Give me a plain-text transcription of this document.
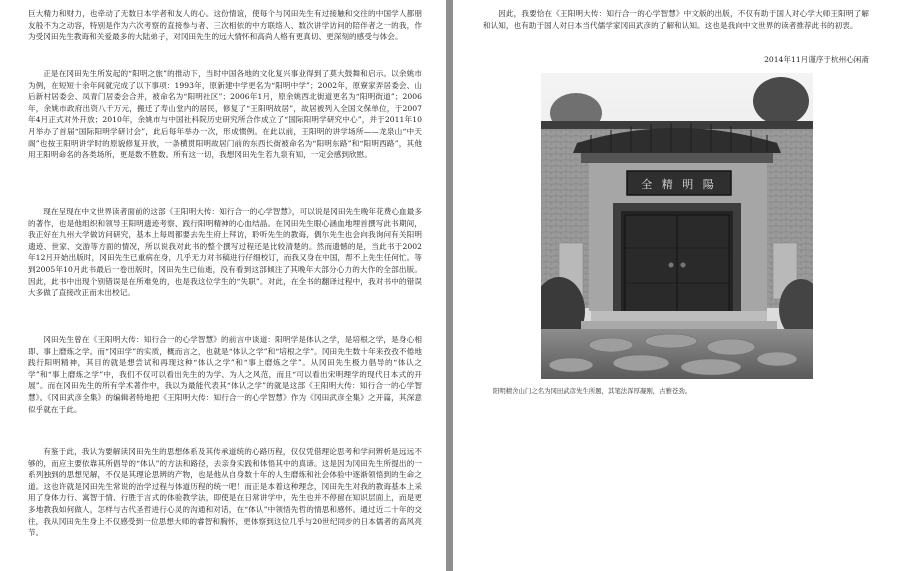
巨大精力和财力，也牵动了无数日本学者和友人的心。这份情谊，使每个与冈田先生有过接触和交往的中国学人都朋友般不为之动容，特别是作为六次考察的直接参与者、三次相依的中方联络人、数次讲学访问的陪伴者之一的我，作为受冈田先生教诲和关爱最多的大陆弟子，对冈田先生的远大情怀和高尚人格有更真切、更深刻的感受与体会。

正是在冈田先生所发起的“阳明之旅”的推动下，当时中国各地的文化复兴事业得到了莫大鼓舞和启示。以余姚市为例，在短短十余年间就完成了以下事项：1993年，原新建中学更名为“阳明中学”；2002年，原寮家弄居委会、山后新村居委会、凤青门居委会合并，被命名为“阳明社区”；2006年1月，原余姚西北街道更名为“阳明街道”；2006年，余姚市政府出资八千万元，搬迁了寿山堂内的居民，修复了“王阳明故居”，故居被列入全国文保单位，于2007年4月正式对外开放；2010年，余姚市与中国社科院历史研究所合作成立了“国际阳明学研究中心”，并于2011年10月举办了首届“国际阳明学研讨会”，此后每年举办一次，形成惯例。在此以前，王阳明的讲学场所——龙泉山“中天阁”也按王阳明讲学时的原貌修复开放，一条横贯阳明故居门前的东西长街被命名为“阳明东路”和“阳明西路”，其他用王阳明命名的各类场所，更是数不胜数。所有这一切，我想冈田先生若九泉有知，一定会感到欣慰。

现在呈现在中文世界读者面前的这部《王阳明大传：知行合一的心学智慧》，可以说是冈田先生晚年花费心血最多的著作，也是他组织和领导王阳明遗迹考察、践行阳明精神的心血结晶。在冈田先生眼心涵血地埋首撰写此书期间，我正好在九州大学做访问研究，基本上每周都要去先生府上拜访，聆听先生的教诲，偶尔先生也会向我询问有关阳明遗迹、世家、交游等方面的情况，所以说我对此书的整个撰写过程还是比较清楚的。然而遗憾的是，当此书于2002年12月开始出版时，冈田先生已重病在身，几乎无力对书稿进行仔细校订，而我又身在中国，帮不上先生任何忙。等到2005年10月此书最后一卷出版时，冈田先生已仙逝，没有看到这部倾注了其晚年大部分心力的大作的全部出版。因此，此书中出现个别错误是在所难免的，也是我这位学生的“失职”。对此，在全书的翻译过程中，我对书中的错误大多做了直接改正而未出校记。

冈田先生曾在《王阳明大传：知行合一的心学智慧》的前言中谈道：阳明学是体认之学，是培根之学，是身心相即、事上磨炼之学。而“冈田学”的实质，概而言之，也就是“体认之学”和“培根之学”。冈田先生数十年来孜孜不倦地践行阳明精神，其目的就是想尝试和再现这种“体认之学”和“事上磨炼之学”。从冈田先生极力倡导的“体认之学”和“事上磨炼之学”中，我们不仅可以看出先生的为学、为人之风范，而且“可以看出宋明理学的现代日本式的开展”。而在冈田先生的所有学术著作中，我以为最能代表其“体认之学”的就是这部《王阳明大传：知行合一的心学智慧》。《冈田武彦全集》的编辑者特地把《王阳明大传：知行合一的心学智慧》作为《冈田武彦全集》之开篇，其深意似乎就在于此。

有鉴于此，我认为要解读冈田先生的思想体系及其传承道统的心路历程，仅仅凭借理论思考和学问辨析是远远不够的，而应主要依靠其所倡导的“体认”的方法和路径，去亲身实践和体悟其中的真谛。这是因为冈田先生所提出的一系列独到的思想见解，不仅是其理论思辨的产物，也是他从自身数十年的人生磨炼和社会体验中逐渐领悟到的生命之道。这也许就是冈田先生常说的治学过程与体道历程的统一吧！而正是本着这种理念，冈田先生对我的教诲基本上采用了身体力行、寓智于情、行胜于言式的体验教学法，即使是在日常讲学中，先生也并不停留在知识层面上，而是更多地教我如何做人，怎样与古代圣哲进行心灵的沟通和对话，在“体认”中领悟先哲的情思和感怀。通过近二十年的交往，我从冈田先生身上不仅感受到一位思想大师的睿智和胸怀，更体察到这位几乎与20世纪同步的日本儒者的高风亮节。

因此，我要恰在《王阳明大传：知行合一的心学智慧》中文版的出版，不仅有助于国人对心学大师王阳明了解和认知，也有助于国人对日本当代儒学家冈田武彦的了解和认知。这也是我向中文世界的读者推荐此书的初衷。

2014年11月谨序于杭州心闲斋
全 精 明 陽
阳明精舍山门之名为冈田武彦先生所题，其笔法浑厚凝刚，古雅苍劲。
